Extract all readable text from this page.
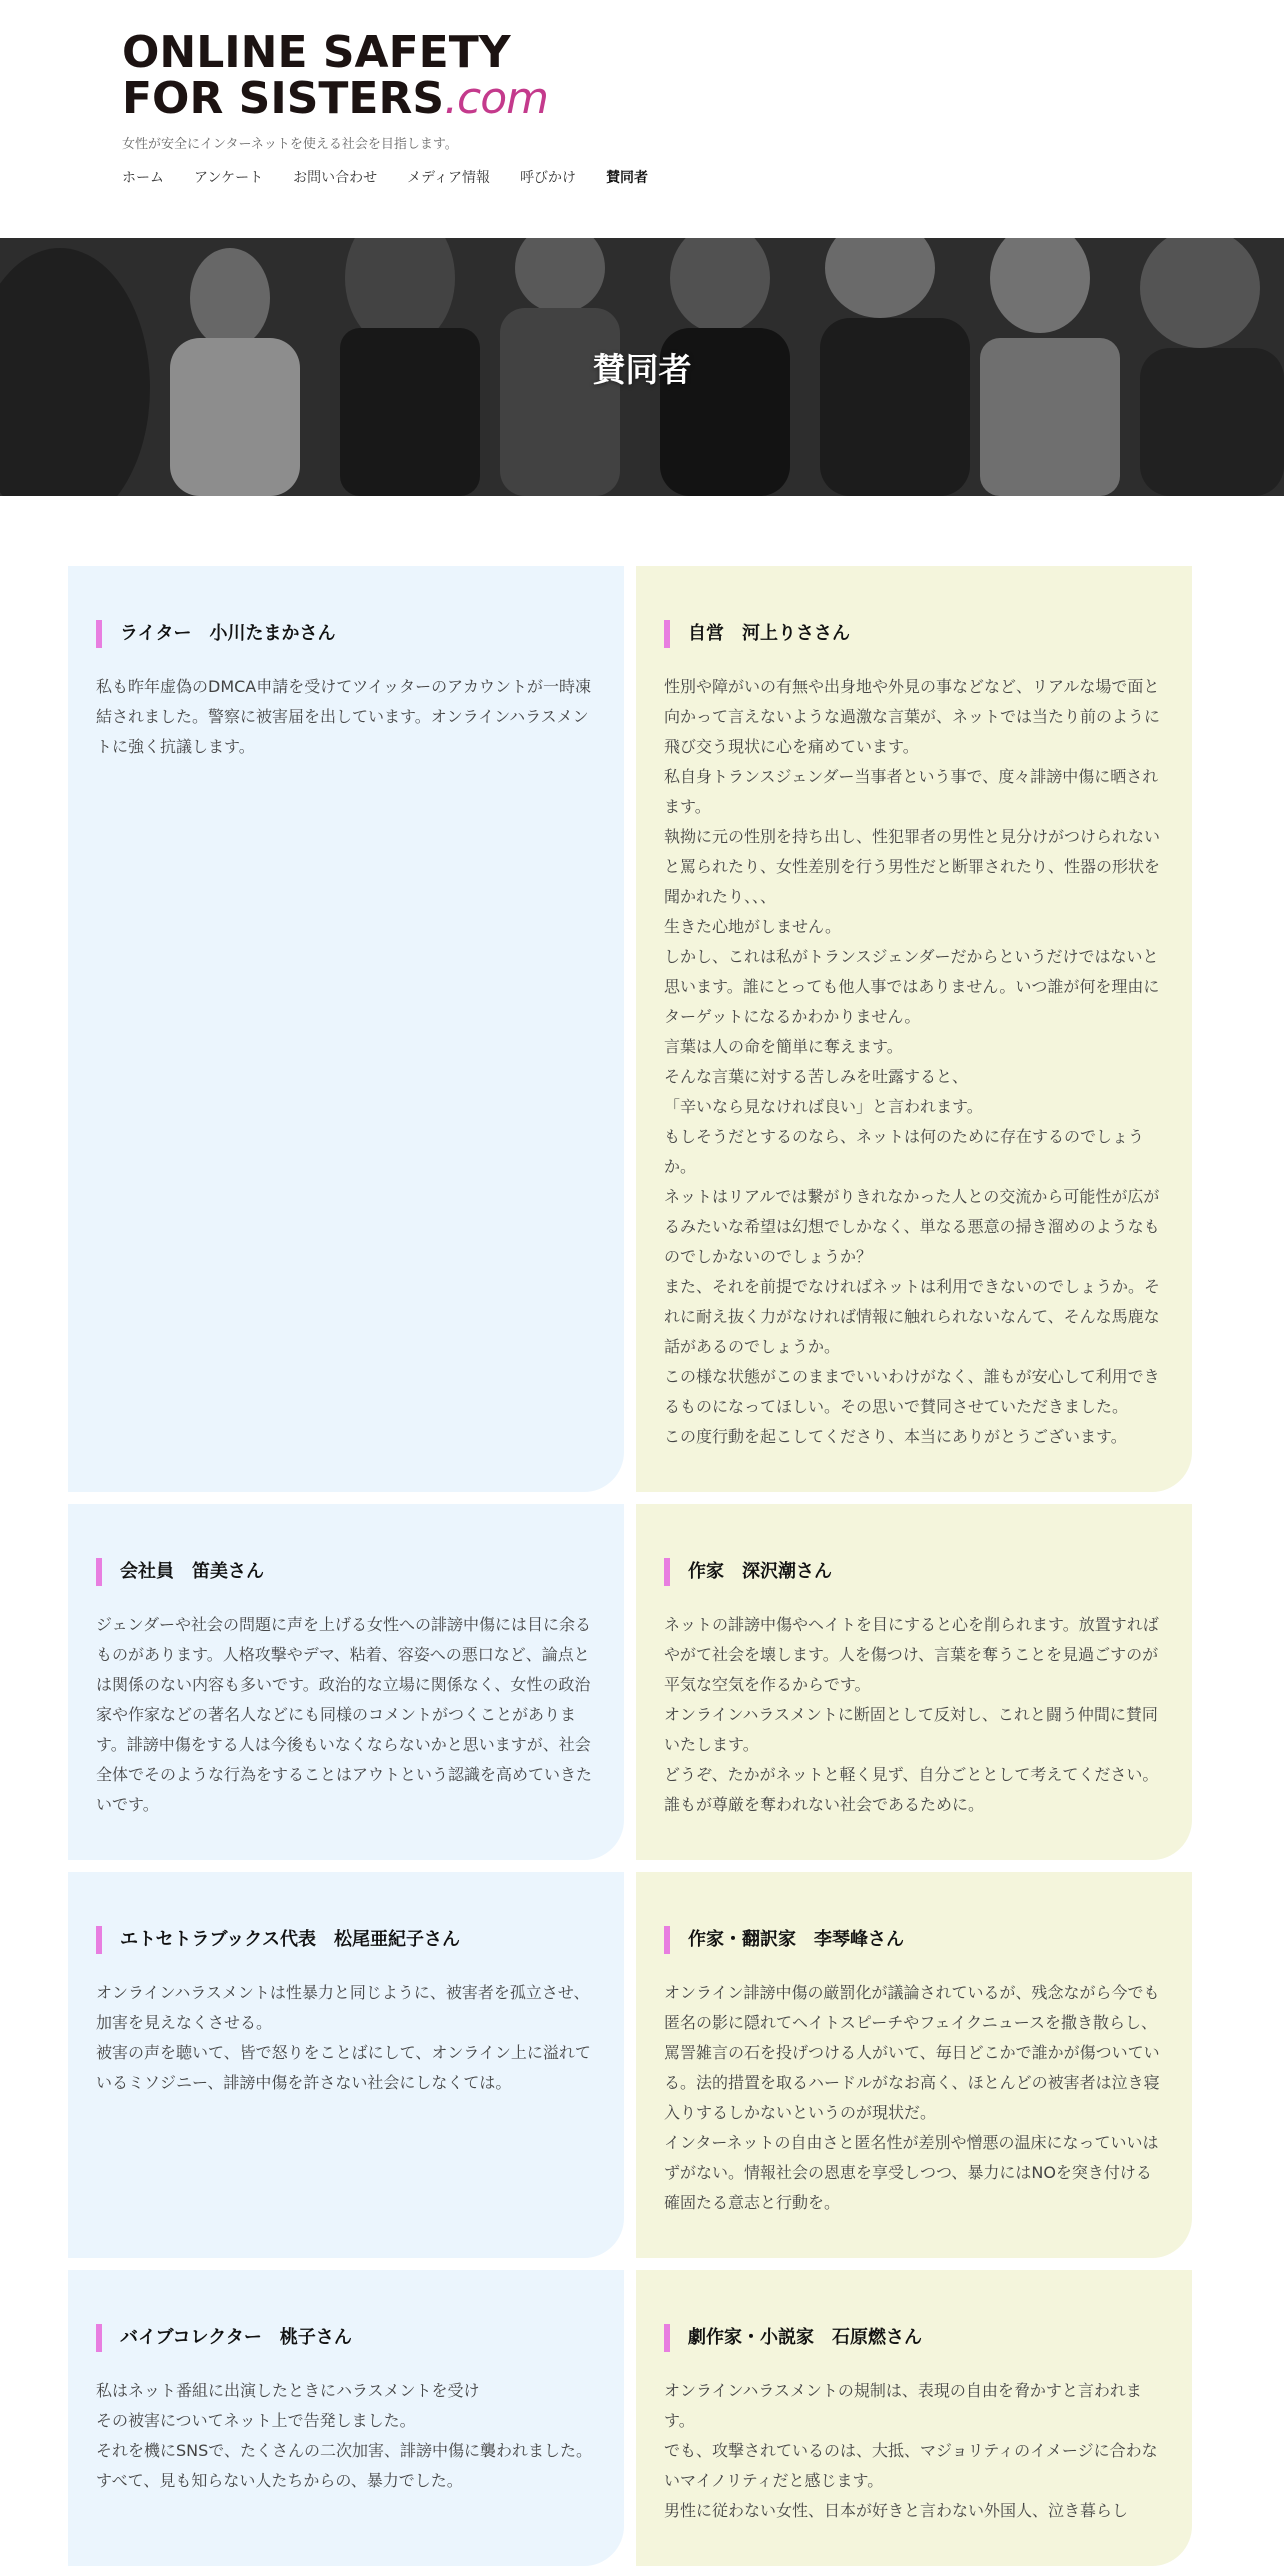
ONLINE SAFETY
FOR SISTERS.com
女性が安全にインターネットを使える社会を目指します。
ホーム アンケート お問い合わせ メディア情報 呼びかけ 賛同者
賛同者
ライター　小川たまかさん

私も昨年虚偽のDMCA申請を受けてツイッターのアカウントが一時凍結されました。警察に被害届を出しています。オンラインハラスメントに強く抗議します。

自営　河上りささん

性別や障がいの有無や出身地や外見の事などなど、リアルな場で面と向かって言えないような過激な言葉が、ネットでは当たり前のように飛び交う現状に心を痛めています。

私自身トランスジェンダー当事者という事で、度々誹謗中傷に晒されます。

執拗に元の性別を持ち出し、性犯罪者の男性と見分けがつけられないと罵られたり、女性差別を行う男性だと断罪されたり、性器の形状を聞かれたり、、、

生きた心地がしません。

しかし、これは私がトランスジェンダーだからというだけではないと思います。誰にとっても他人事ではありません。いつ誰が何を理由にターゲットになるかわかりません。

言葉は人の命を簡単に奪えます。

そんな言葉に対する苦しみを吐露すると、

「辛いなら見なければ良い」と言われます。

もしそうだとするのなら、ネットは何のために存在するのでしょうか。

ネットはリアルでは繋がりきれなかった人との交流から可能性が広がるみたいな希望は幻想でしかなく、単なる悪意の掃き溜めのようなものでしかないのでしょうか？

また、それを前提でなければネットは利用できないのでしょうか。それに耐え抜く力がなければ情報に触れられないなんて、そんな馬鹿な話があるのでしょうか。

この様な状態がこのままでいいわけがなく、誰もが安心して利用できるものになってほしい。その思いで賛同させていただきました。

この度行動を起こしてくださり、本当にありがとうございます。

会社員　笛美さん

ジェンダーや社会の問題に声を上げる女性への誹謗中傷には目に余るものがあります。人格攻撃やデマ、粘着、容姿への悪口など、論点とは関係のない内容も多いです。政治的な立場に関係なく、女性の政治家や作家などの著名人などにも同様のコメントがつくことがあります。誹謗中傷をする人は今後もいなくならないかと思いますが、社会全体でそのような行為をすることはアウトという認識を高めていきたいです。

作家　深沢潮さん

ネットの誹謗中傷やヘイトを目にすると心を削られます。放置すればやがて社会を壊します。人を傷つけ、言葉を奪うことを見過ごすのが平気な空気を作るからです。

オンラインハラスメントに断固として反対し、これと闘う仲間に賛同いたします。

どうぞ、たかがネットと軽く見ず、自分ごととして考えてください。

誰もが尊厳を奪われない社会であるために。

エトセトラブックス代表　松尾亜紀子さん

オンラインハラスメントは性暴力と同じように、被害者を孤立させ、加害を見えなくさせる。

被害の声を聴いて、皆で怒りをことばにして、オンライン上に溢れているミソジニー、誹謗中傷を許さない社会にしなくては。

作家・翻訳家　李琴峰さん

オンライン誹謗中傷の厳罰化が議論されているが、残念ながら今でも匿名の影に隠れてヘイトスピーチやフェイクニュースを撒き散らし、罵詈雑言の石を投げつける人がいて、毎日どこかで誰かが傷ついている。法的措置を取るハードルがなお高く、ほとんどの被害者は泣き寝入りするしかないというのが現状だ。

インターネットの自由さと匿名性が差別や憎悪の温床になっていいはずがない。情報社会の恩恵を享受しつつ、暴力にはNOを突き付ける確固たる意志と行動を。

バイブコレクター　桃子さん

私はネット番組に出演したときにハラスメントを受け

その被害についてネット上で告発しました。

それを機にSNSで、たくさんの二次加害、誹謗中傷に襲われました。

すべて、見も知らない人たちからの、暴力でした。

劇作家・小説家　石原燃さん

オンラインハラスメントの規制は、表現の自由を脅かすと言われます。

でも、攻撃されているのは、大抵、マジョリティのイメージに合わないマイノリティだと感じます。

男性に従わない女性、日本が好きと言わない外国人、泣き暮らし
